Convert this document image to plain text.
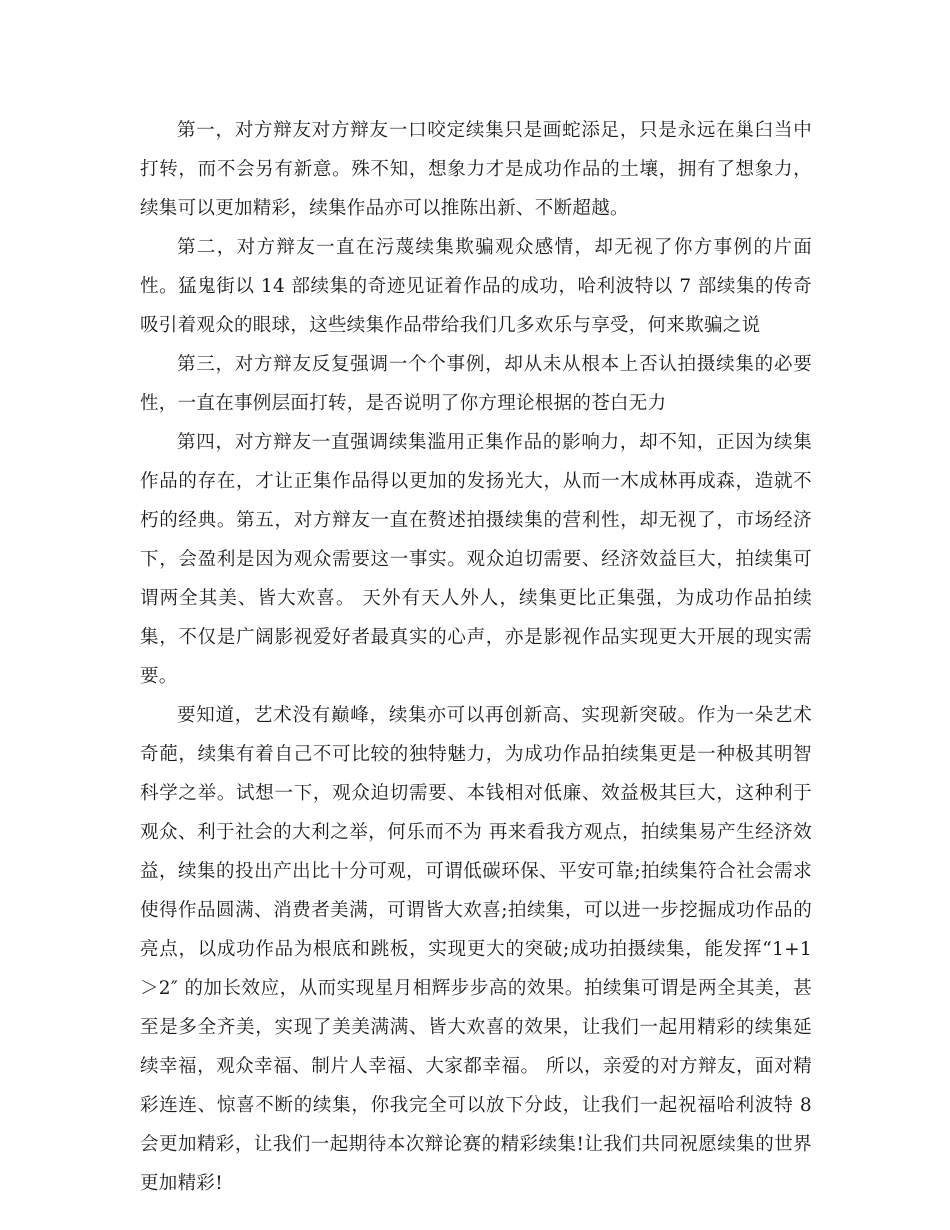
第一，对方辩友对方辩友一口咬定续集只是画蛇添足，只是永远在巢臼当中打转，而不会另有新意。殊不知，想象力才是成功作品的土壤，拥有了想象力，续集可以更加精彩，续集作品亦可以推陈出新、不断超越。

第二，对方辩友一直在污蔑续集欺骗观众感情，却无视了你方事例的片面性。猛鬼街以 14 部续集的奇迹见证着作品的成功，哈利波特以 7 部续集的传奇吸引着观众的眼球，这些续集作品带给我们几多欢乐与享受，何来欺骗之说

第三，对方辩友反复强调一个个事例，却从未从根本上否认拍摄续集的必要性，一直在事例层面打转，是否说明了你方理论根据的苍白无力

第四，对方辩友一直强调续集滥用正集作品的影响力，却不知，正因为续集作品的存在，才让正集作品得以更加的发扬光大，从而一木成林再成森，造就不朽的经典。第五，对方辩友一直在赘述拍摄续集的营利性，却无视了，市场经济下，会盈利是因为观众需要这一事实。观众迫切需要、经济效益巨大，拍续集可谓两全其美、皆大欢喜。 天外有天人外人，续集更比正集强，为成功作品拍续集，不仅是广阔影视爱好者最真实的心声，亦是影视作品实现更大开展的现实需要。

要知道，艺术没有巅峰，续集亦可以再创新高、实现新突破。作为一朵艺术奇葩，续集有着自己不可比较的独特魅力，为成功作品拍续集更是一种极其明智科学之举。试想一下，观众迫切需要、本钱相对低廉、效益极其巨大，这种利于观众、利于社会的大利之举，何乐而不为 再来看我方观点，拍续集易产生经济效益，续集的投出产出比十分可观，可谓低碳环保、平安可靠;拍续集符合社会需求使得作品圆满、消费者美满，可谓皆大欢喜;拍续集，可以进一步挖掘成功作品的亮点，以成功作品为根底和跳板，实现更大的突破;成功拍摄续集，能发挥“1+1＞2″ 的加长效应，从而实现星月相辉步步高的效果。拍续集可谓是两全其美，甚至是多全齐美，实现了美美满满、皆大欢喜的效果，让我们一起用精彩的续集延续幸福，观众幸福、制片人幸福、大家都幸福。 所以，亲爱的对方辩友，面对精彩连连、惊喜不断的续集，你我完全可以放下分歧，让我们一起祝福哈利波特 8 会更加精彩，让我们一起期待本次辩论赛的精彩续集!让我们共同祝愿续集的世界更加精彩!
